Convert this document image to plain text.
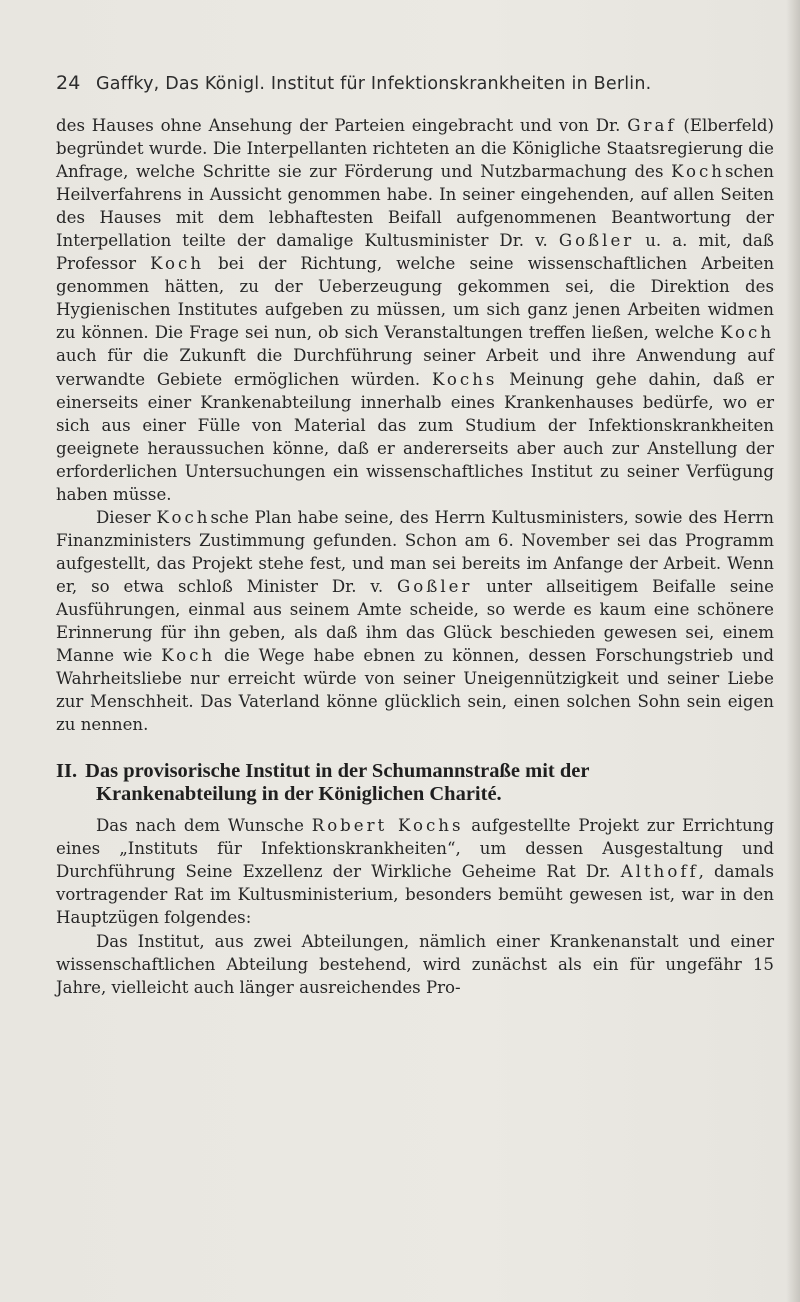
24 Gaffky, Das Königl. Institut für Infektionskrankheiten in Berlin.

des Hauses ohne Ansehung der Parteien eingebracht und von Dr. Graf (Elberfeld) begründet wurde. Die Interpellanten richteten an die Königliche Staatsregierung die Anfrage, welche Schritte sie zur Förderung und Nutzbarmachung des Kochschen Heilverfahrens in Aussicht genommen habe. In seiner eingehenden, auf allen Seiten des Hauses mit dem lebhaftesten Beifall aufgenommenen Beantwortung der Interpellation teilte der damalige Kultusminister Dr. v. Goßler u. a. mit, daß Professor Koch bei der Richtung, welche seine wissenschaftlichen Arbeiten genommen hätten, zu der Ueberzeugung gekommen sei, die Direktion des Hygienischen Institutes aufgeben zu müssen, um sich ganz jenen Arbeiten widmen zu können. Die Frage sei nun, ob sich Veranstaltungen treffen ließen, welche Koch auch für die Zukunft die Durchführung seiner Arbeit und ihre Anwendung auf verwandte Gebiete ermöglichen würden. Kochs Meinung gehe dahin, daß er einerseits einer Krankenabteilung innerhalb eines Krankenhauses bedürfe, wo er sich aus einer Fülle von Material das zum Studium der Infektionskrankheiten geeignete heraussuchen könne, daß er andererseits aber auch zur Anstellung der erforderlichen Untersuchungen ein wissenschaftliches Institut zu seiner Verfügung haben müsse.

Dieser Kochsche Plan habe seine, des Herrn Kultusministers, sowie des Herrn Finanzministers Zustimmung gefunden. Schon am 6. November sei das Programm aufgestellt, das Projekt stehe fest, und man sei bereits im Anfange der Arbeit. Wenn er, so etwa schloß Minister Dr. v. Goßler unter allseitigem Beifalle seine Ausführungen, einmal aus seinem Amte scheide, so werde es kaum eine schönere Erinnerung für ihn geben, als daß ihm das Glück beschieden gewesen sei, einem Manne wie Koch die Wege habe ebnen zu können, dessen Forschungstrieb und Wahrheitsliebe nur erreicht würde von seiner Uneigennützigkeit und seiner Liebe zur Menschheit. Das Vaterland könne glücklich sein, einen solchen Sohn sein eigen zu nennen.

II. Das provisorische Institut in der Schumannstraße mit der
Krankenabteilung in der Königlichen Charité.

Das nach dem Wunsche Robert Kochs aufgestellte Projekt zur Errichtung eines „Instituts für Infektionskrankheiten“, um dessen Ausgestaltung und Durchführung Seine Exzellenz der Wirkliche Geheime Rat Dr. Althoff, damals vortragender Rat im Kultusministerium, besonders bemüht gewesen ist, war in den Hauptzügen folgendes:

Das Institut, aus zwei Abteilungen, nämlich einer Krankenanstalt und einer wissenschaftlichen Abteilung bestehend, wird zunächst als ein für ungefähr 15 Jahre, vielleicht auch länger ausreichendes Pro-
